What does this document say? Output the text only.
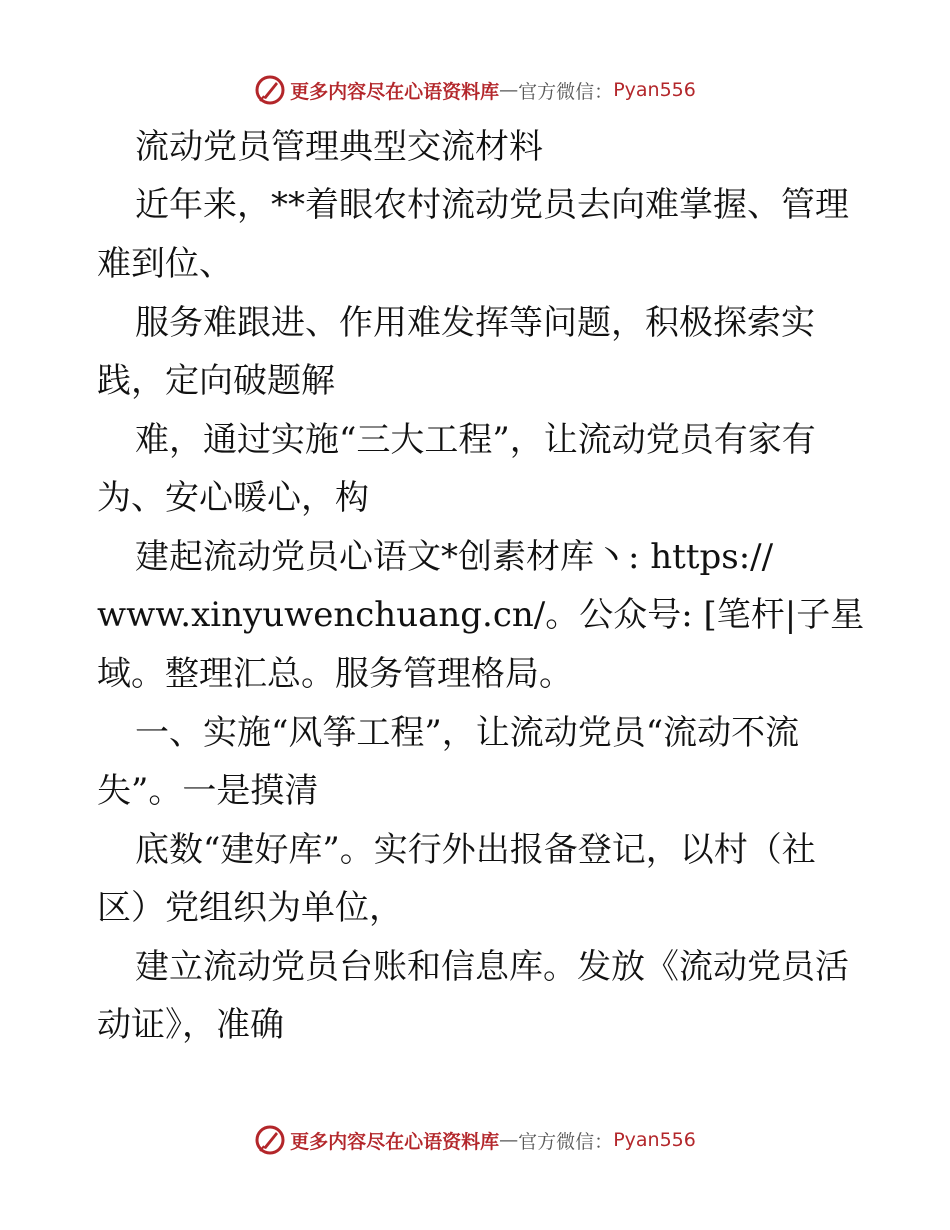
更多内容尽在心语资料库 — 官方微信： Pyan556
流动党员管理典型交流材料
近年来，**着眼农村流动党员去向难掌握、管理
难到位、
服务难跟进、作用难发挥等问题，积极探索实
践，定向破题解
难，通过实施“三大工程”，让流动党员有家有
为、安心暖心，构
建起流动党员心语文*创素材库丶: https://
www.xinyuwenchuang.cn/。公众号: [笔杆|子星
域。整理汇总。服务管理格局。
一、实施“风筝工程”，让流动党员“流动不流
失”。一是摸清
底数“建好库”。实行外出报备登记，以村（社
区）党组织为单位，
建立流动党员台账和信息库。发放《流动党员活
动证》，准确
更多内容尽在心语资料库 — 官方微信： Pyan556
